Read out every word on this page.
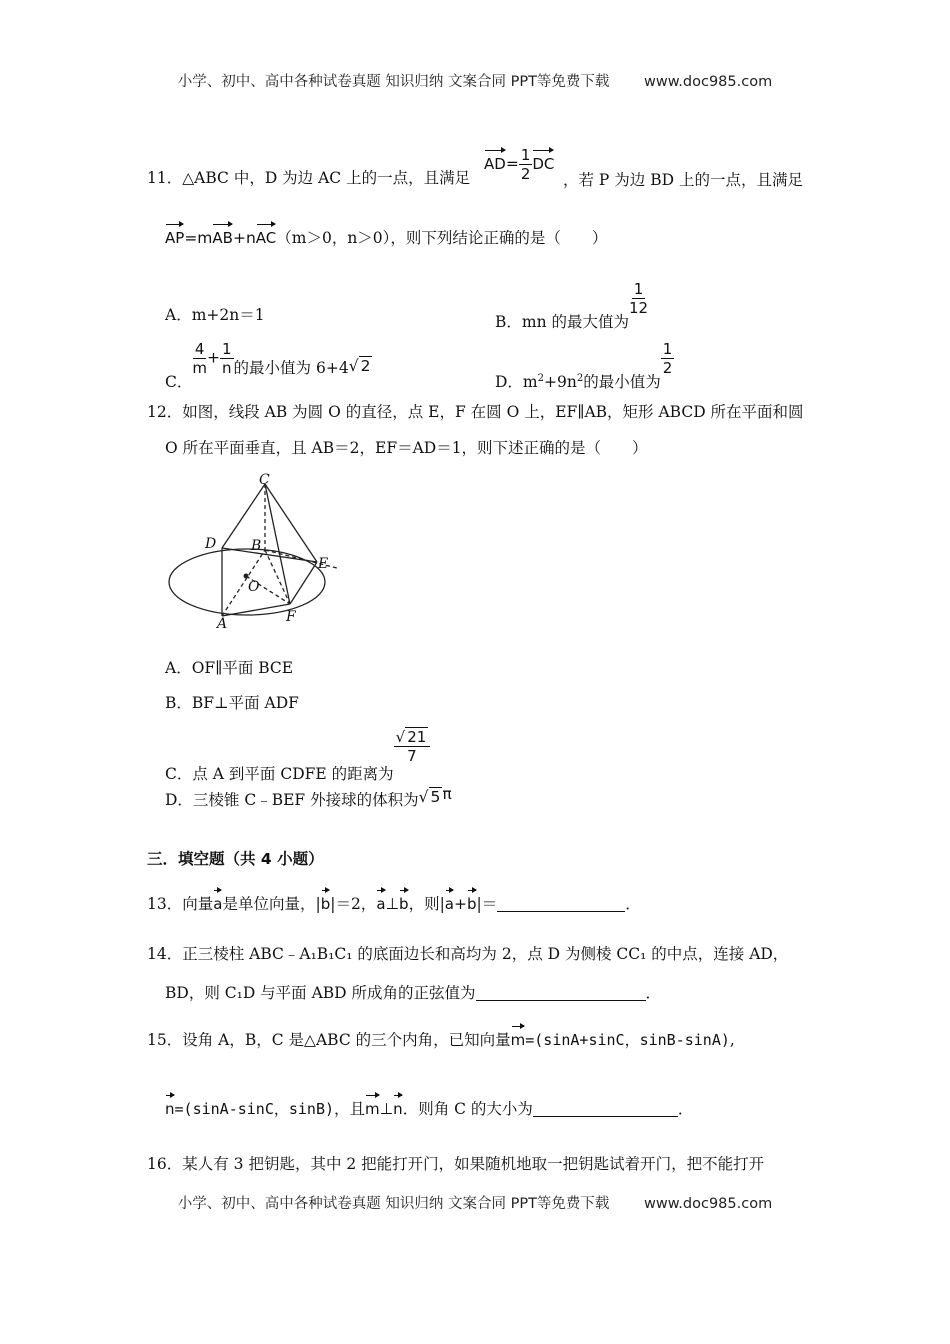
小学、初中、高中各种试卷真题 知识归纳 文案合同 PPT等免费下载 www.doc985.com
11．△ABC 中，D 为边 AC 上的一点，且满足
$AD= \frac{1}{2}$ DC
，若 P 为边 BD 上的一点，且满足
AP=mAB+nAC（m＞0，n＞0），则下列结论正确的是（　　）
A．m+2n＝1	B．mn 的最大值为
$\frac{1}{12}$
C．
$\frac{4}{m} + \frac{1}{n}$ 的最小值为 6+4√ 2
D．$m^2+9n^2$的最小值为
$\frac{1}{2}$
12．如图，线段 AB 为圆 O 的直径，点 E，F 在圆 O 上，EF∥AB，矩形 ABCD 所在平面和圆
O 所在平面垂直，且 AB＝2，EF＝AD＝1，则下述正确的是（　　）
C
D B
E
O
A	F
A．OF∥平面 BCE
B．BF⊥平面 ADF
C．点 A 到平面 CDFE 的距离为
$\frac{√ 21}{7}$
D．三棱锥 C﹣BEF 外接球的体积为√ 5 π
三．填空题（共 4 小题）
13．向量a是单位向量，|b|＝2，a⊥b，则|a+b|＝	．
14．正三棱柱 ABC﹣A₁B₁C₁ 的底面边长和高均为 2，点 D 为侧棱 CC₁ 的中点，连接 AD，
BD，则 C₁D 与平面 ABD 所成角的正弦值为	．
15．设角 A，B，C 是△ABC 的三个内角，已知向量m=(sinA+sinC，sinB-sinA),
n=(sinA-sinC，sinB)，且m⊥n．则角 C 的大小为	．
16．某人有 3 把钥匙，其中 2 把能打开门，如果随机地取一把钥匙试着开门，把不能打开
小学、初中、高中各种试卷真题 知识归纳 文案合同 PPT等免费下载 www.doc985.com
